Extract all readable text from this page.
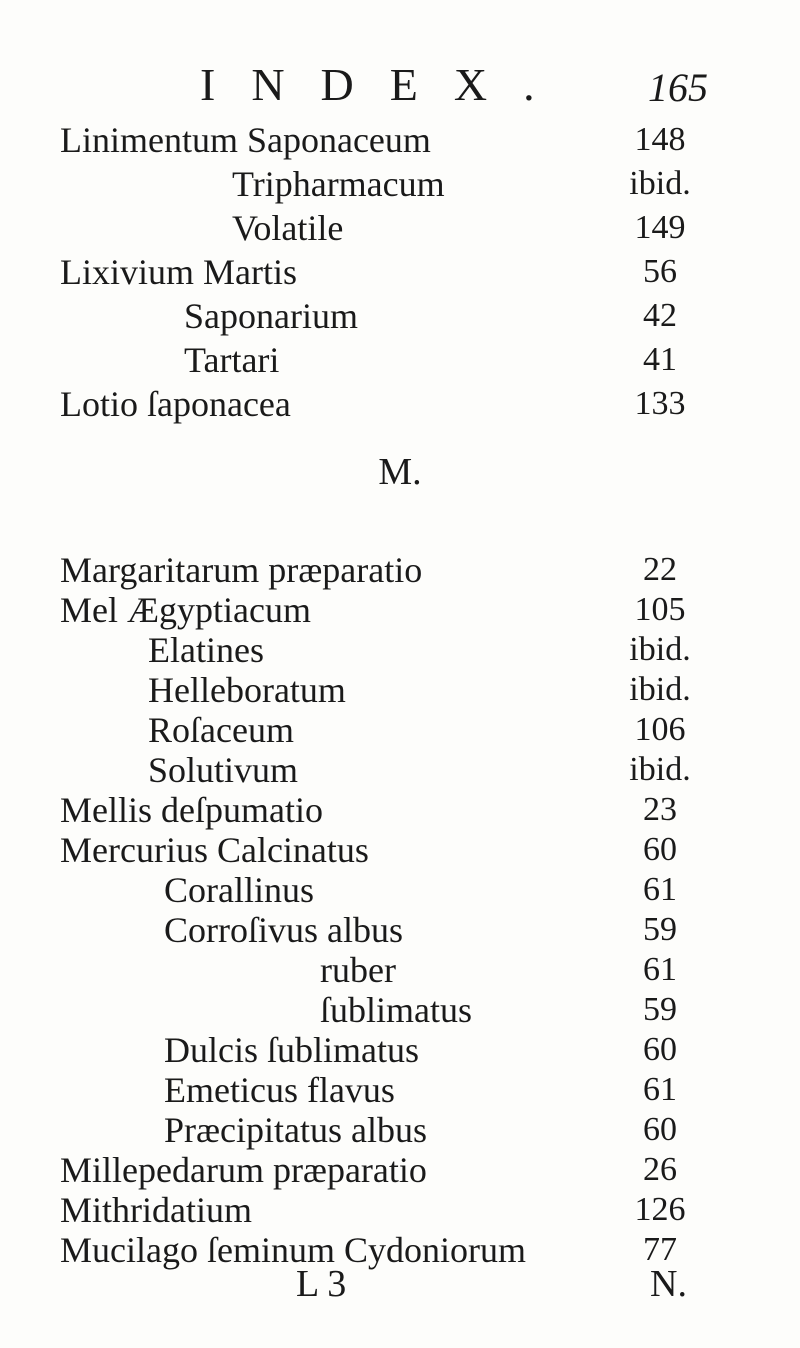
INDEX. 165
Linimentum Saponaceum	148
Tripharmacum	ibid.
Volatile	149
Lixivium Martis	56
Saponarium	42
Tartari	41
Lotio ſaponacea	133
M.
Margaritarum præparatio	22
Mel Ægyptiacum	105
Elatines	ibid.
Helleboratum	ibid.
Roſaceum	106
Solutivum	ibid.
Mellis deſpumatio	23
Mercurius Calcinatus	60
Corallinus	61
Corroſivus albus	59
ruber	61
ſublimatus	59
Dulcis ſublimatus	60
Emeticus flavus	61
Præcipitatus albus	60
Millepedarum præparatio	26
Mithridatium	126
Mucilago ſeminum Cydoniorum	77
L 3	N.
